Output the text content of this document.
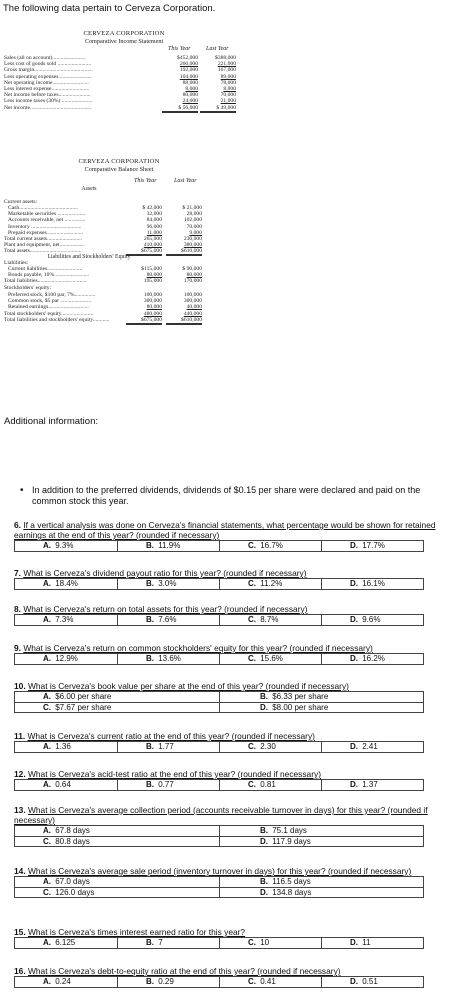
The following data pertain to Cerveza Corporation.
CERVEZA CORPORATION
Comparative Income Statement
This Year	Last Year
Sales (all on account)........................	$452,000	$388,000
Less cost of goods sold ........................	260,000	221,000
Gross margin..........................................	192,000	167,000
Less operating expenses........................	104,000	89,000
Net operating income..........................	88,000	78,000
Less interest expense...........................	8,000	8,000
Net income before taxes.......................	80,000	70,000
Less income taxes (30%) ......................	24,000	21,000
Net income............................................	$ 56,000	$ 49,000
CERVEZA CORPORATION
Comparative Balance Sheet
This Year	Last Year
Assets
Current assets:
Cash..........................................	$ 42,000	$ 21,000
Marketable securities ....................	32,000	28,000
Accounts receivable, net ...............	84,000	102,000
Inventory ....................................	96,000	70,000
Prepaid expenses..........................	11,000	9,000
Total current assets.........................	265,000	230,000
Plant and equipment, net..................	410,000	380,000
Total assets.....................................	$675,000	$610,000
Liabilities and Stockholders' Equity
Liabilities:
Current liabilities.........................	$115,000	$ 90,000
Bonds payable, 10%.........................	80,000	80,000
Total liabilities...................................	195,000	170,000
Stockholders' equity:
Preferred stock, $100 par, 7%...............	100,000	100,000
Common stock, $5 par ......................	300,000	300,000
Retained earnings.............................	80,000	40,000
Total stockholders' equity.......................	480,000	440,000
Total liabilities and stockholders' equity............	$675,000	$610,000
Additional information:
• In addition to the preferred dividends, dividends of $0.15 per share were declared and paid on the common stock this year.
6. If a vertical analysis was done on Cerveza's financial statements, what percentage would be shown for retained earnings at the end of this year? (rounded if necessary)
A. 9.3%	B. 11.9%	C. 16.7%	D. 17.7%
7. What is Cerveza's dividend payout ratio for this year? (rounded if necessary)
A. 18.4%	B. 3.0%	C. 11.2%	D. 16.1%
8. What is Cerveza's return on total assets for this year? (rounded if necessary)
A. 7.3%	B. 7.6%	C. 8.7%	D. 9.6%
9. What is Cerveza's return on common stockholders' equity for this year? (rounded if necessary)
A. 12.9%	B. 13.6%	C. 15.6%	D. 16.2%
10. What is Cerveza's book value per share at the end of this year? (rounded if necessary)
A. $6.00 per share	B. $6.33 per share
C. $7.67 per share	D. $8.00 per share
11. What is Cerveza's current ratio at the end of this year? (rounded if necessary)
A. 1.36	B. 1.77	C. 2.30	D. 2.41
12. What is Cerveza's acid-test ratio at the end of this year? (rounded if necessary)
A. 0.64	B. 0.77	C. 0.81	D. 1.37
13. What is Cerveza's average collection period (accounts receivable turnover in days) for this year? (rounded if necessary)
A. 67.8 days	B. 75.1 days
C. 80.8 days	D. 117.9 days
14. What is Cerveza's average sale period (inventory turnover in days) for this year? (rounded if necessary)
A. 67.0 days	B. 116.5 days
C. 126.0 days	D. 134.8 days
15. What is Cerveza's times interest earned ratio for this year?
A. 6.125	B. 7	C. 10	D. 11
16. What is Cerveza's debt-to-equity ratio at the end of this year? (rounded if necessary)
A. 0.24	B. 0.29	C. 0.41	D. 0.51
